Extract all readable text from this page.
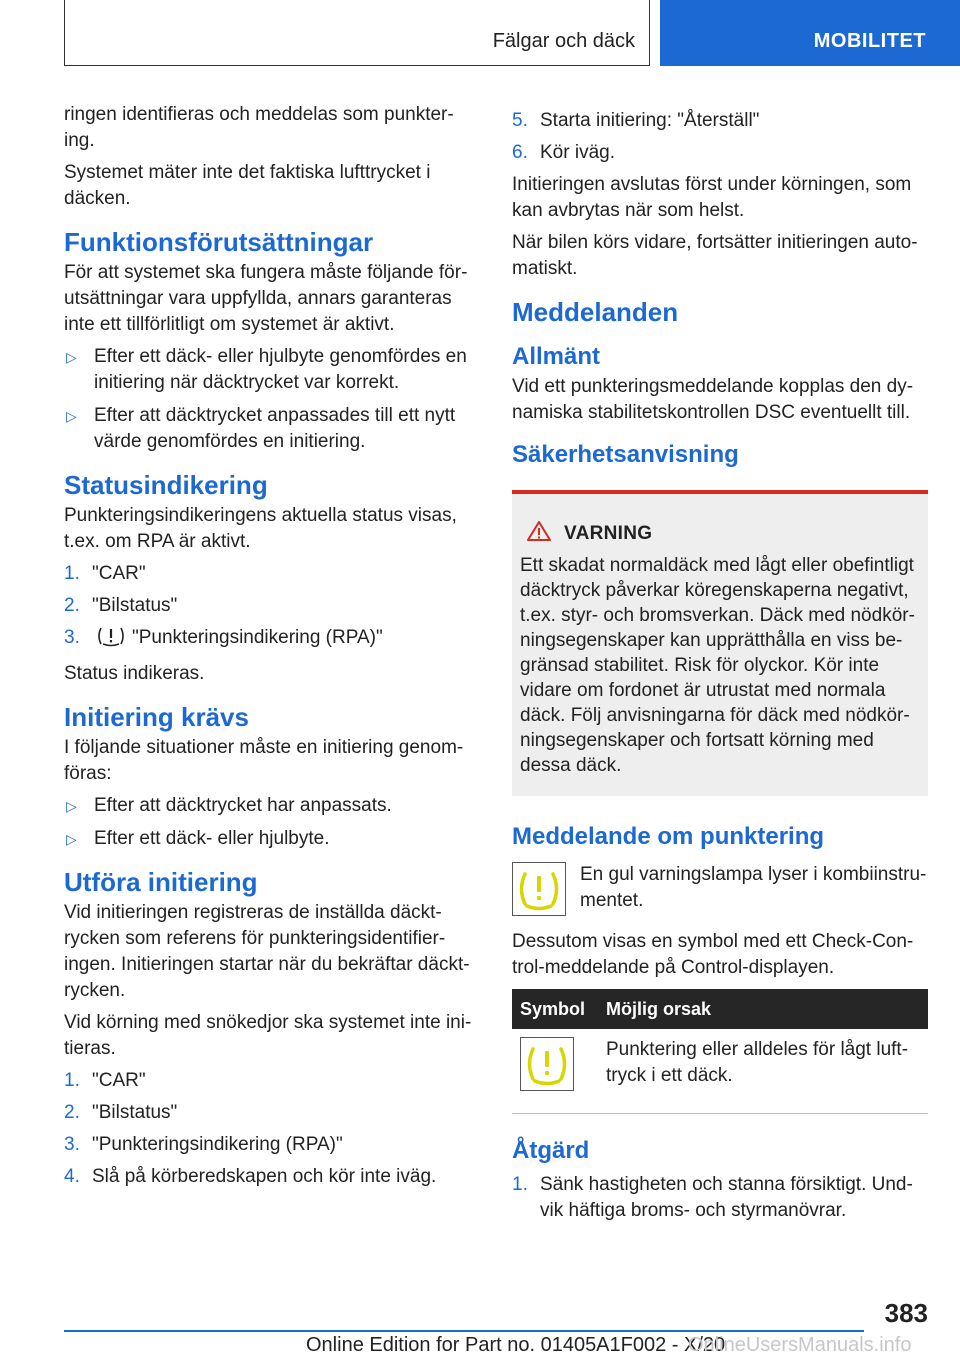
Fälgar och däck	MOBILITET

ringen identifieras och meddelas som punkter-ing.

Systemet mäter inte det faktiska lufttrycket i däcken.

Funktionsförutsättningar

För att systemet ska fungera måste följande för-utsättningar vara uppfyllda, annars garanteras inte ett tillförlitligt om systemet är aktivt.

▷ Efter ett däck- eller hjulbyte genomfördes en initiering när däcktrycket var korrekt.
▷ Efter att däcktrycket anpassades till ett nytt värde genomfördes en initiering.
Statusindikering

Punkteringsindikeringens aktuella status visas, t.ex. om RPA är aktivt.

1. "CAR"
2. "Bilstatus"
3.	"Punkteringsindikering (RPA)"

Status indikeras.

Initiering krävs

I följande situationer måste en initiering genom-föras:

▷ Efter att däcktrycket har anpassats.
▷ Efter ett däck- eller hjulbyte.
Utföra initiering

Vid initieringen registreras de inställda däckt-rycken som referens för punkteringsidentifier-ingen. Initieringen startar när du bekräftar däckt-rycken.

Vid körning med snökedjor ska systemet inte ini-tieras.

1. "CAR"
2. "Bilstatus"
3. "Punkteringsindikering (RPA)"
4. Slå på körberedskapen och kör inte iväg.
5. Starta initiering: "Återställ"
6. Kör iväg.

Initieringen avslutas först under körningen, som kan avbrytas när som helst.

När bilen körs vidare, fortsätter initieringen auto-matiskt.

Meddelanden
Allmänt

Vid ett punkteringsmeddelande kopplas den dy-namiska stabilitetskontrollen DSC eventuellt till.

Säkerhetsanvisning
VARNING

Ett skadat normaldäck med lågt eller obefintligt däcktryck påverkar köregenskaperna negativt, t.ex. styr- och bromsverkan. Däck med nödkör-ningsegenskaper kan upprätthålla en viss be-gränsad stabilitet. Risk för olyckor. Kör inte vidare om fordonet är utrustat med normala däck. Följ anvisningarna för däck med nödkör-ningsegenskaper och fortsatt körning med dessa däck.

Meddelande om punktering

En gul varningslampa lyser i kombiinstru-mentet.

Dessutom visas en symbol med ett Check-Con-trol-meddelande på Control-displayen.

Symbol	Möjlig orsak
	Punktering eller alldeles för lågt luft-tryck i ett däck.
Åtgärd
1. Sänk hastigheten och stanna försiktigt. Und-vik häftiga broms- och styrmanövrar.
383
Online Edition for Part no. 01405A1F002 - X/20
OnlineUsersManuals.info
